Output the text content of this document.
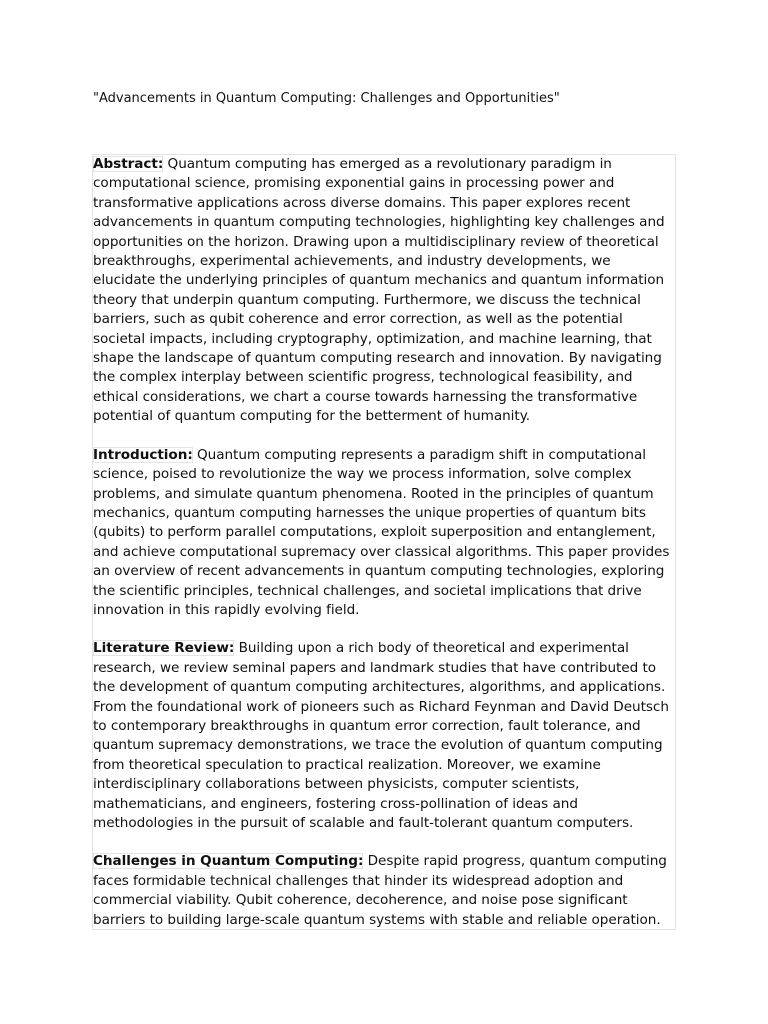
"Advancements in Quantum Computing: Challenges and Opportunities"

Abstract: Quantum computing has emerged as a revolutionary paradigm in computational science, promising exponential gains in processing power and transformative applications across diverse domains. This paper explores recent advancements in quantum computing technologies, highlighting key challenges and opportunities on the horizon. Drawing upon a multidisciplinary review of theoretical breakthroughs, experimental achievements, and industry developments, we elucidate the underlying principles of quantum mechanics and quantum information theory that underpin quantum computing. Furthermore, we discuss the technical barriers, such as qubit coherence and error correction, as well as the potential societal impacts, including cryptography, optimization, and machine learning, that shape the landscape of quantum computing research and innovation. By navigating the complex interplay between scientific progress, technological feasibility, and ethical considerations, we chart a course towards harnessing the transformative potential of quantum computing for the betterment of humanity.

Introduction: Quantum computing represents a paradigm shift in computational science, poised to revolutionize the way we process information, solve complex problems, and simulate quantum phenomena. Rooted in the principles of quantum mechanics, quantum computing harnesses the unique properties of quantum bits (qubits) to perform parallel computations, exploit superposition and entanglement, and achieve computational supremacy over classical algorithms. This paper provides an overview of recent advancements in quantum computing technologies, exploring the scientific principles, technical challenges, and societal implications that drive innovation in this rapidly evolving field.

Literature Review: Building upon a rich body of theoretical and experimental research, we review seminal papers and landmark studies that have contributed to the development of quantum computing architectures, algorithms, and applications. From the foundational work of pioneers such as Richard Feynman and David Deutsch to contemporary breakthroughs in quantum error correction, fault tolerance, and quantum supremacy demonstrations, we trace the evolution of quantum computing from theoretical speculation to practical realization. Moreover, we examine interdisciplinary collaborations between physicists, computer scientists, mathematicians, and engineers, fostering cross-pollination of ideas and methodologies in the pursuit of scalable and fault-tolerant quantum computers.

Challenges in Quantum Computing: Despite rapid progress, quantum computing faces formidable technical challenges that hinder its widespread adoption and commercial viability. Qubit coherence, decoherence, and noise pose significant barriers to building large-scale quantum systems with stable and reliable operation.
